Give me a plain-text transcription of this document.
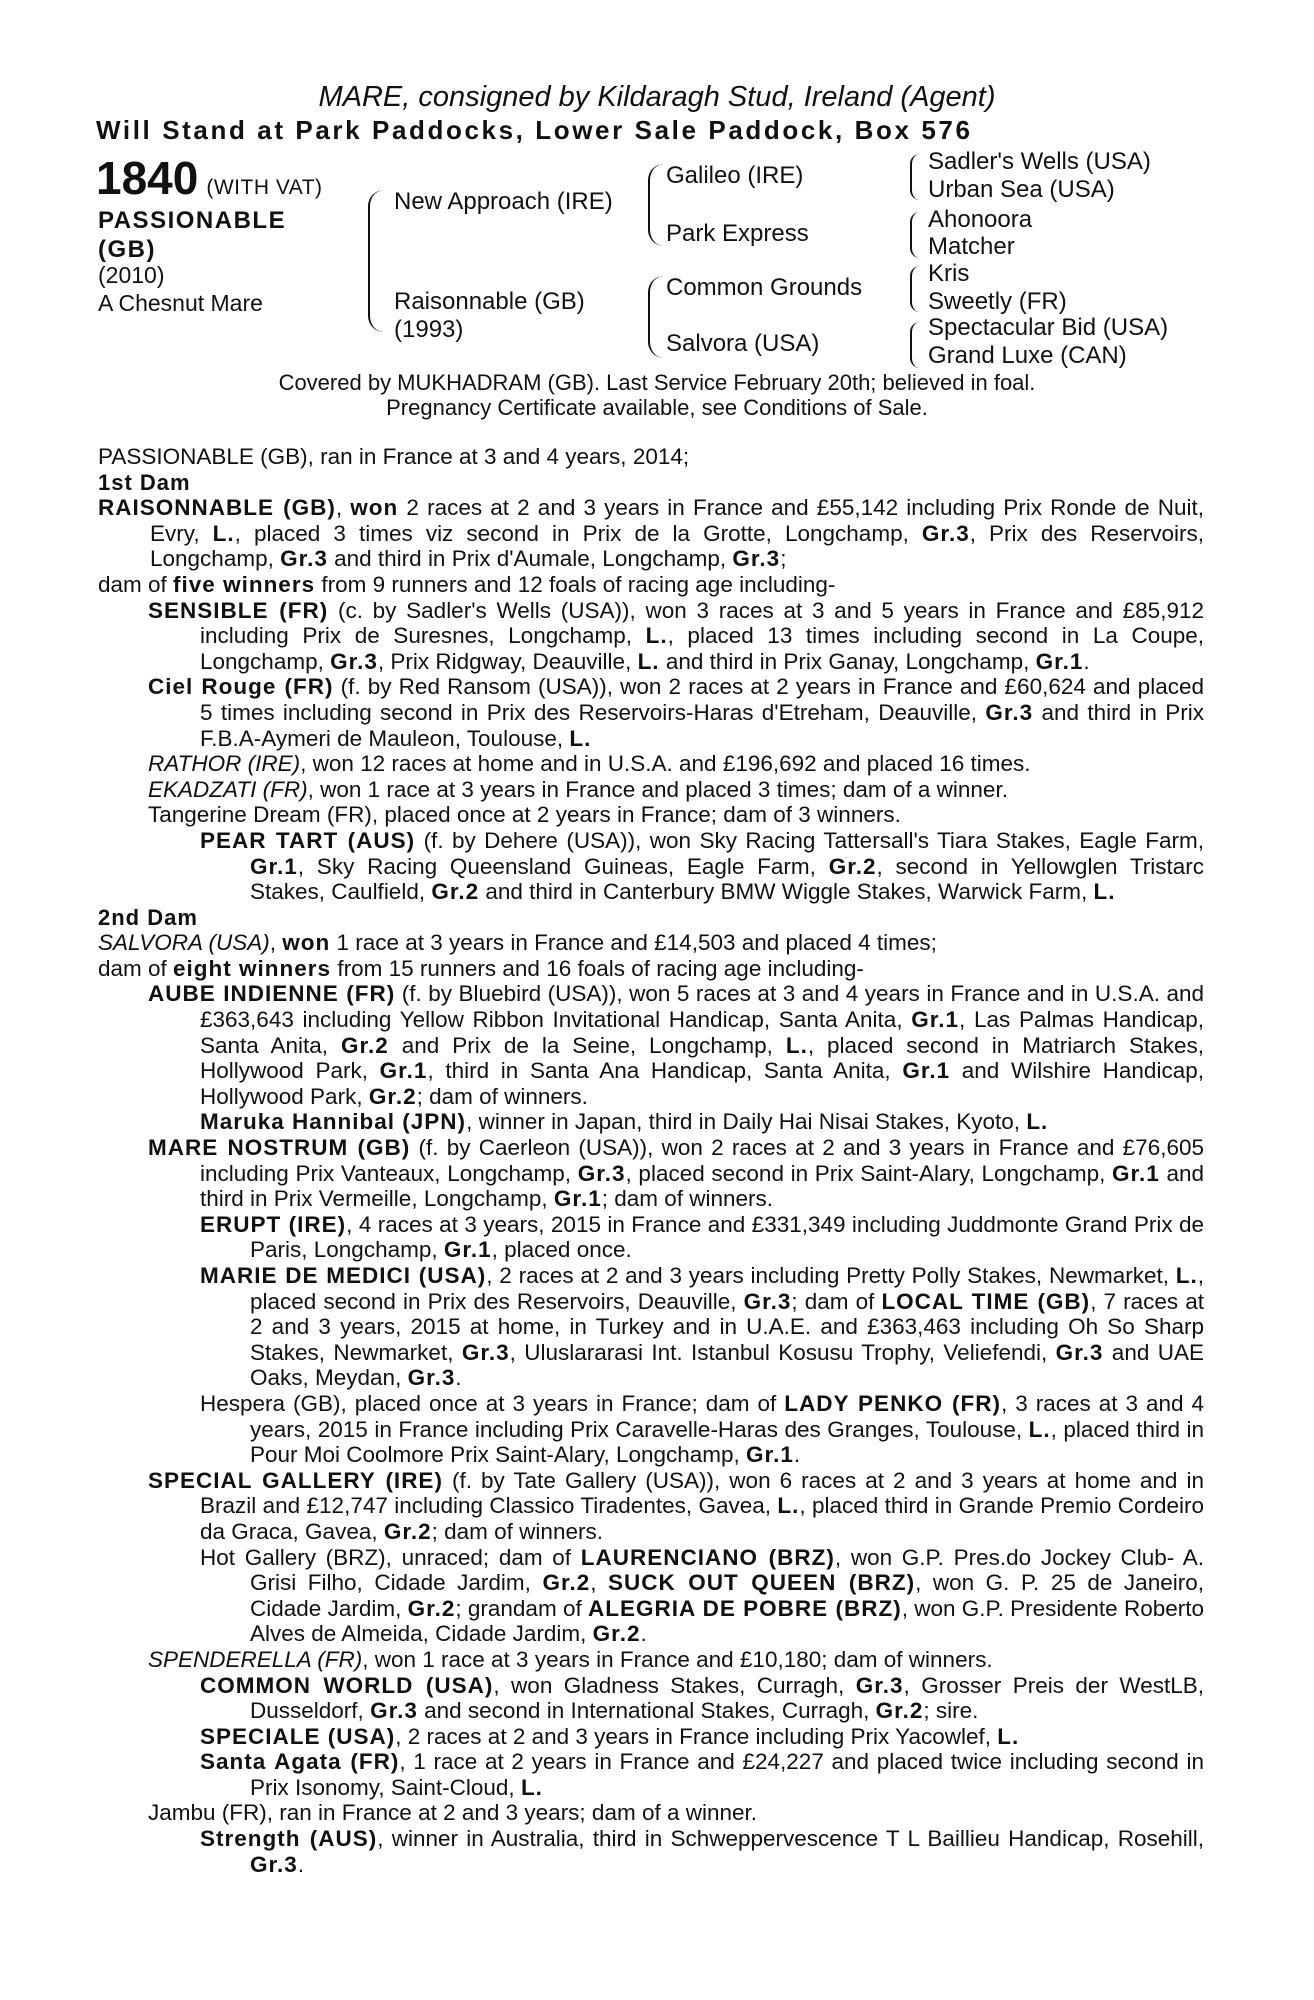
MARE, consigned by Kildaragh Stud, Ireland (Agent)
Will Stand at Park Paddocks, Lower Sale Paddock, Box 576
1840 (WITH VAT)
PASSIONABLE (GB)
(2010)
A Chesnut Mare
New Approach (IRE)
Raisonnable (GB)
(1993)
Galileo (IRE)
Park Express
Common Grounds
Salvora (USA)
Sadler's Wells (USA)
Urban Sea (USA)
Ahonoora
Matcher
Kris
Sweetly (FR)
Spectacular Bid (USA)
Grand Luxe (CAN)
Covered by MUKHADRAM (GB). Last Service February 20th; believed in foal.
Pregnancy Certificate available, see Conditions of Sale.
PASSIONABLE (GB), ran in France at 3 and 4 years, 2014;
1st Dam
RAISONNABLE (GB), won 2 races at 2 and 3 years in France and £55,142 including Prix Ronde de Nuit, Evry, L., placed 3 times viz second in Prix de la Grotte, Longchamp, Gr.3, Prix des Reservoirs, Longchamp, Gr.3 and third in Prix d'Aumale, Longchamp, Gr.3;
dam of five winners from 9 runners and 12 foals of racing age including-
SENSIBLE (FR) (c. by Sadler's Wells (USA)), won 3 races at 3 and 5 years in France and £85,912 including Prix de Suresnes, Longchamp, L., placed 13 times including second in La Coupe, Longchamp, Gr.3, Prix Ridgway, Deauville, L. and third in Prix Ganay, Longchamp, Gr.1.
Ciel Rouge (FR) (f. by Red Ransom (USA)), won 2 races at 2 years in France and £60,624 and placed 5 times including second in Prix des Reservoirs-Haras d'Etreham, Deauville, Gr.3 and third in Prix F.B.A-Aymeri de Mauleon, Toulouse, L.
RATHOR (IRE), won 12 races at home and in U.S.A. and £196,692 and placed 16 times.
EKADZATI (FR), won 1 race at 3 years in France and placed 3 times; dam of a winner.
Tangerine Dream (FR), placed once at 2 years in France; dam of 3 winners.
PEAR TART (AUS) (f. by Dehere (USA)), won Sky Racing Tattersall's Tiara Stakes, Eagle Farm, Gr.1, Sky Racing Queensland Guineas, Eagle Farm, Gr.2, second in Yellowglen Tristarc Stakes, Caulfield, Gr.2 and third in Canterbury BMW Wiggle Stakes, Warwick Farm, L.
2nd Dam
SALVORA (USA), won 1 race at 3 years in France and £14,503 and placed 4 times;
dam of eight winners from 15 runners and 16 foals of racing age including-
AUBE INDIENNE (FR) (f. by Bluebird (USA)), won 5 races at 3 and 4 years in France and in U.S.A. and £363,643 including Yellow Ribbon Invitational Handicap, Santa Anita, Gr.1, Las Palmas Handicap, Santa Anita, Gr.2 and Prix de la Seine, Longchamp, L., placed second in Matriarch Stakes, Hollywood Park, Gr.1, third in Santa Ana Handicap, Santa Anita, Gr.1 and Wilshire Handicap, Hollywood Park, Gr.2; dam of winners.
Maruka Hannibal (JPN), winner in Japan, third in Daily Hai Nisai Stakes, Kyoto, L.
MARE NOSTRUM (GB) (f. by Caerleon (USA)), won 2 races at 2 and 3 years in France and £76,605 including Prix Vanteaux, Longchamp, Gr.3, placed second in Prix Saint-Alary, Longchamp, Gr.1 and third in Prix Vermeille, Longchamp, Gr.1; dam of winners.
ERUPT (IRE), 4 races at 3 years, 2015 in France and £331,349 including Juddmonte Grand Prix de Paris, Longchamp, Gr.1, placed once.
MARIE DE MEDICI (USA), 2 races at 2 and 3 years including Pretty Polly Stakes, Newmarket, L., placed second in Prix des Reservoirs, Deauville, Gr.3; dam of LOCAL TIME (GB), 7 races at 2 and 3 years, 2015 at home, in Turkey and in U.A.E. and £363,463 including Oh So Sharp Stakes, Newmarket, Gr.3, Uluslararasi Int. Istanbul Kosusu Trophy, Veliefendi, Gr.3 and UAE Oaks, Meydan, Gr.3.
Hespera (GB), placed once at 3 years in France; dam of LADY PENKO (FR), 3 races at 3 and 4 years, 2015 in France including Prix Caravelle-Haras des Granges, Toulouse, L., placed third in Pour Moi Coolmore Prix Saint-Alary, Longchamp, Gr.1.
SPECIAL GALLERY (IRE) (f. by Tate Gallery (USA)), won 6 races at 2 and 3 years at home and in Brazil and £12,747 including Classico Tiradentes, Gavea, L., placed third in Grande Premio Cordeiro da Graca, Gavea, Gr.2; dam of winners.
Hot Gallery (BRZ), unraced; dam of LAURENCIANO (BRZ), won G.P. Pres.do Jockey Club- A. Grisi Filho, Cidade Jardim, Gr.2, SUCK OUT QUEEN (BRZ), won G. P. 25 de Janeiro, Cidade Jardim, Gr.2; grandam of ALEGRIA DE POBRE (BRZ), won G.P. Presidente Roberto Alves de Almeida, Cidade Jardim, Gr.2.
SPENDERELLA (FR), won 1 race at 3 years in France and £10,180; dam of winners.
COMMON WORLD (USA), won Gladness Stakes, Curragh, Gr.3, Grosser Preis der WestLB, Dusseldorf, Gr.3 and second in International Stakes, Curragh, Gr.2; sire.
SPECIALE (USA), 2 races at 2 and 3 years in France including Prix Yacowlef, L.
Santa Agata (FR), 1 race at 2 years in France and £24,227 and placed twice including second in Prix Isonomy, Saint-Cloud, L.
Jambu (FR), ran in France at 2 and 3 years; dam of a winner.
Strength (AUS), winner in Australia, third in Schweppervescence T L Baillieu Handicap, Rosehill, Gr.3.
